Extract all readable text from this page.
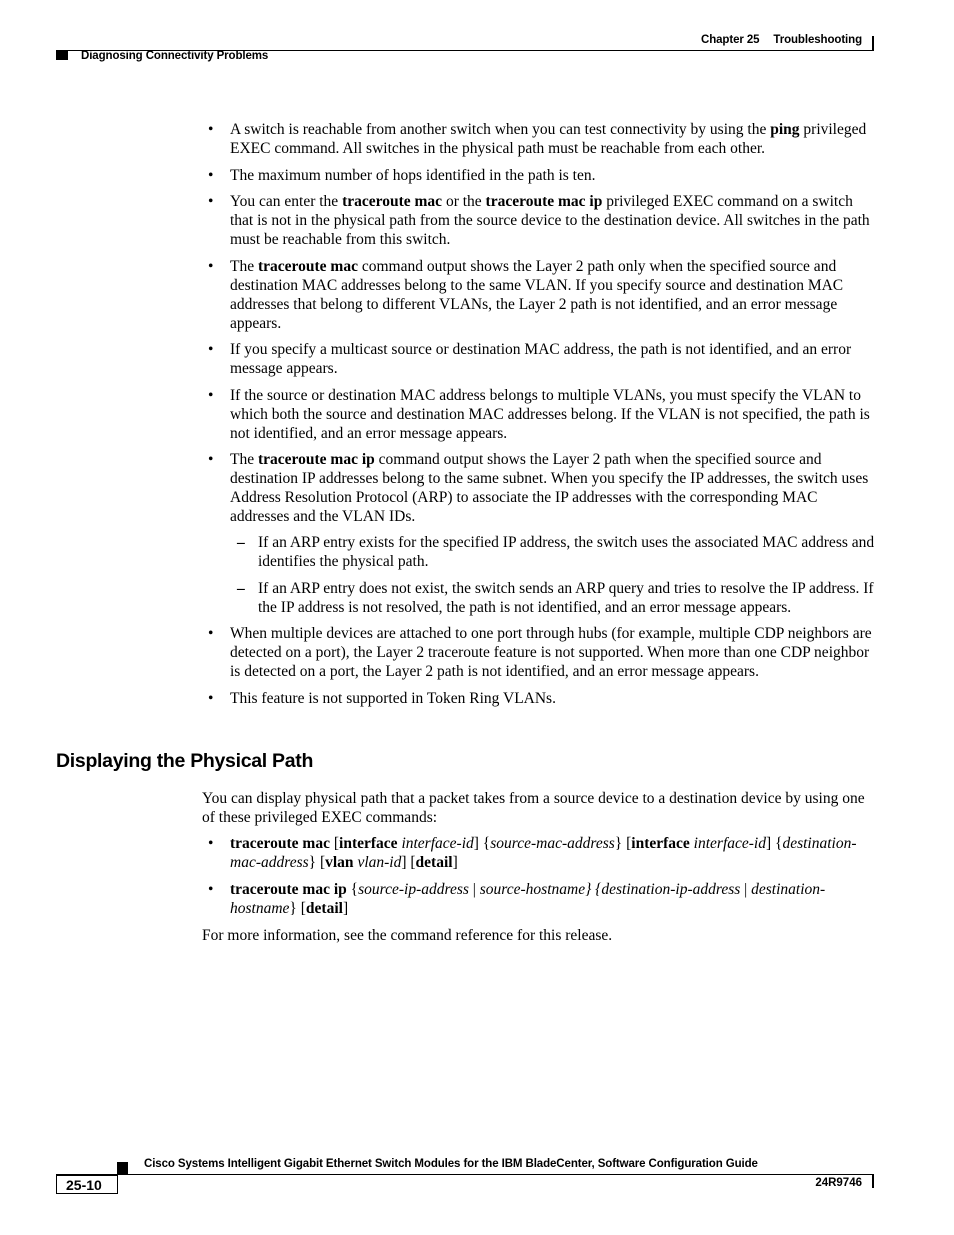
Chapter 25 Troubleshooting
Diagnosing Connectivity Problems
• A switch is reachable from another switch when you can test connectivity by using the ping privileged EXEC command. All switches in the physical path must be reachable from each other.
• The maximum number of hops identified in the path is ten.
• You can enter the traceroute mac or the traceroute mac ip privileged EXEC command on a switch that is not in the physical path from the source device to the destination device. All switches in the path must be reachable from this switch.
• The traceroute mac command output shows the Layer 2 path only when the specified source and destination MAC addresses belong to the same VLAN. If you specify source and destination MAC addresses that belong to different VLANs, the Layer 2 path is not identified, and an error message appears.
• If you specify a multicast source or destination MAC address, the path is not identified, and an error message appears.
• If the source or destination MAC address belongs to multiple VLANs, you must specify the VLAN to which both the source and destination MAC addresses belong. If the VLAN is not specified, the path is not identified, and an error message appears.
• The traceroute mac ip command output shows the Layer 2 path when the specified source and destination IP addresses belong to the same subnet. When you specify the IP addresses, the switch uses Address Resolution Protocol (ARP) to associate the IP addresses with the corresponding MAC addresses and the VLAN IDs.
– If an ARP entry exists for the specified IP address, the switch uses the associated MAC address and identifies the physical path.
– If an ARP entry does not exist, the switch sends an ARP query and tries to resolve the IP address. If the IP address is not resolved, the path is not identified, and an error message appears.
• When multiple devices are attached to one port through hubs (for example, multiple CDP neighbors are detected on a port), the Layer 2 traceroute feature is not supported. When more than one CDP neighbor is detected on a port, the Layer 2 path is not identified, and an error message appears.
• This feature is not supported in Token Ring VLANs.
Displaying the Physical Path

You can display physical path that a packet takes from a source device to a destination device by using one of these privileged EXEC commands:

• traceroute mac [interface interface-id] {source-mac-address} [interface interface-id] {destination-mac-address} [vlan vlan-id] [detail]
• traceroute mac ip {source-ip-address | source-hostname} {destination-ip-address | destination-hostname} [detail]

For more information, see the command reference for this release.

Cisco Systems Intelligent Gigabit Ethernet Switch Modules for the IBM BladeCenter, Software Configuration Guide
25-10	24R9746
